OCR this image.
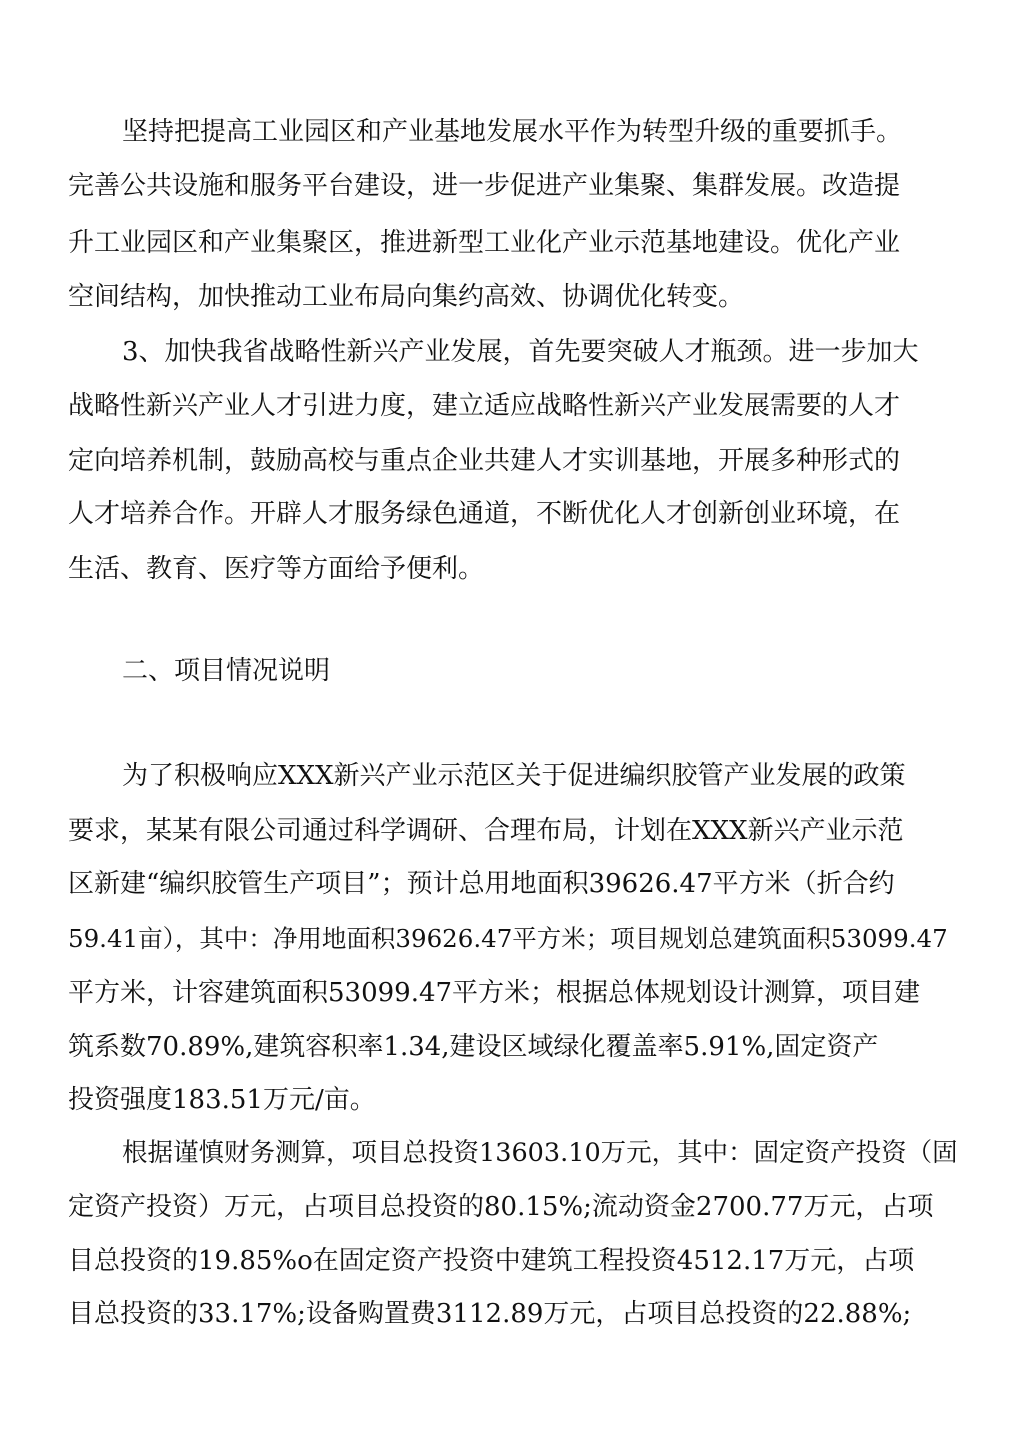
坚持把提高工业园区和产业基地发展水平作为转型升级的重要抓手。
完善公共设施和服务平台建设，进一步促进产业集聚、集群发展。改造提
升工业园区和产业集聚区，推进新型工业化产业示范基地建设。优化产业
空间结构，加快推动工业布局向集约高效、协调优化转变。
3、加快我省战略性新兴产业发展，首先要突破人才瓶颈。进一步加大
战略性新兴产业人才引进力度，建立适应战略性新兴产业发展需要的人才
定向培养机制，鼓励高校与重点企业共建人才实训基地，开展多种形式的
人才培养合作。开辟人才服务绿色通道，不断优化人才创新创业环境，在
生活、教育、医疗等方面给予便利。
二、项目情况说明
为了积极响应XXX新兴产业示范区关于促进编织胶管产业发展的政策
要求，某某有限公司通过科学调研、合理布局，计划在XXX新兴产业示范
区新建“编织胶管生产项目”；预计总用地面积39626.47平方米（折合约
59.41亩），其中：净用地面积39626.47平方米；项目规划总建筑面积53099.47
平方米，计容建筑面积53099.47平方米；根据总体规划设计测算，项目建
筑系数70.89%,建筑容积率1.34,建设区域绿化覆盖率5.91%,固定资产
投资强度183.51万元/亩。
根据谨慎财务测算，项目总投资13603.10万元，其中：固定资产投资（固
定资产投资）万元，占项目总投资的80.15%;流动资金2700.77万元，占项
目总投资的19.85%o在固定资产投资中建筑工程投资4512.17万元，占项
目总投资的33.17%;设备购置费3112.89万元，占项目总投资的22.88%;
